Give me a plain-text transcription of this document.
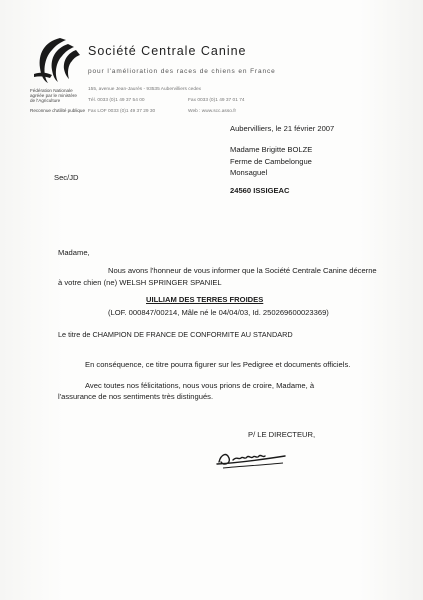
Société Centrale Canine
pour l'amélioration des races de chiens en France
Fédération Nationale
agréée par le ministère
de l'Agriculture
Reconnue d'utilité publique
155, avenue Jean-Jaurès - 93535 Aubervilliers cedex
Tél. 0033 (0)1 49 37 54 00	Fax 0033 (0)1 49 37 01 74
Fax LOF 0033 (0)1 49 37 29 30	Web : www.scc.asso.fr
Aubervilliers, le 21 février 2007
Madame Brigitte BOLZE
Ferme de Cambelongue
Monsaguel
24560 ISSIGEAC
Sec/JD
Madame,
Nous avons l'honneur de vous informer que la Société Centrale Canine décerne
à votre chien (ne) WELSH SPRINGER SPANIEL
UILLIAM DES TERRES FROIDES
(LOF. 000847/00214, Mâle né le 04/04/03, Id. 250269600023369)
Le titre de CHAMPION DE FRANCE DE CONFORMITE AU STANDARD
En conséquence, ce titre pourra figurer sur les Pedigree et documents officiels.
Avec toutes nos félicitations, nous vous prions de croire, Madame, à
l'assurance de nos sentiments très distingués.
P/ LE DIRECTEUR,
